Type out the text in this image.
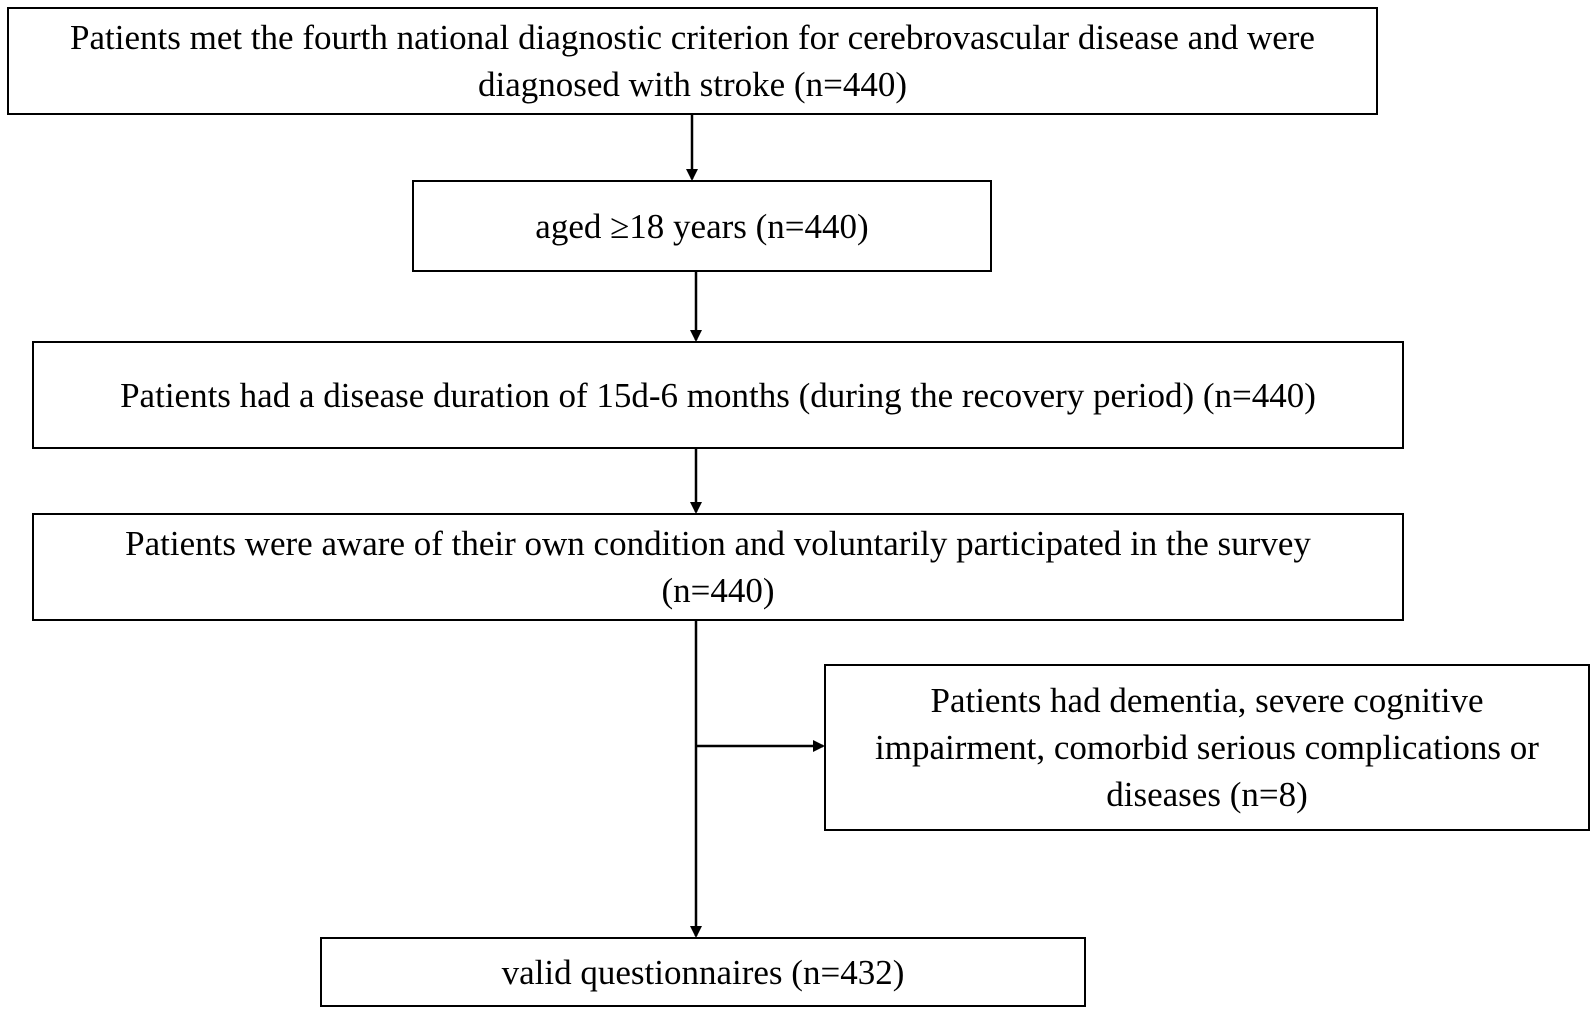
Patients met the fourth national diagnostic criterion for cerebrovascular disease and were diagnosed with stroke (n=440)
aged ≥18 years (n=440)
Patients had a disease duration of 15d-6 months (during the recovery period) (n=440)
Patients were aware of their own condition and voluntarily participated in the survey (n=440)
Patients had dementia, severe cognitive impairment, comorbid serious complications or diseases (n=8)
valid questionnaires (n=432)
